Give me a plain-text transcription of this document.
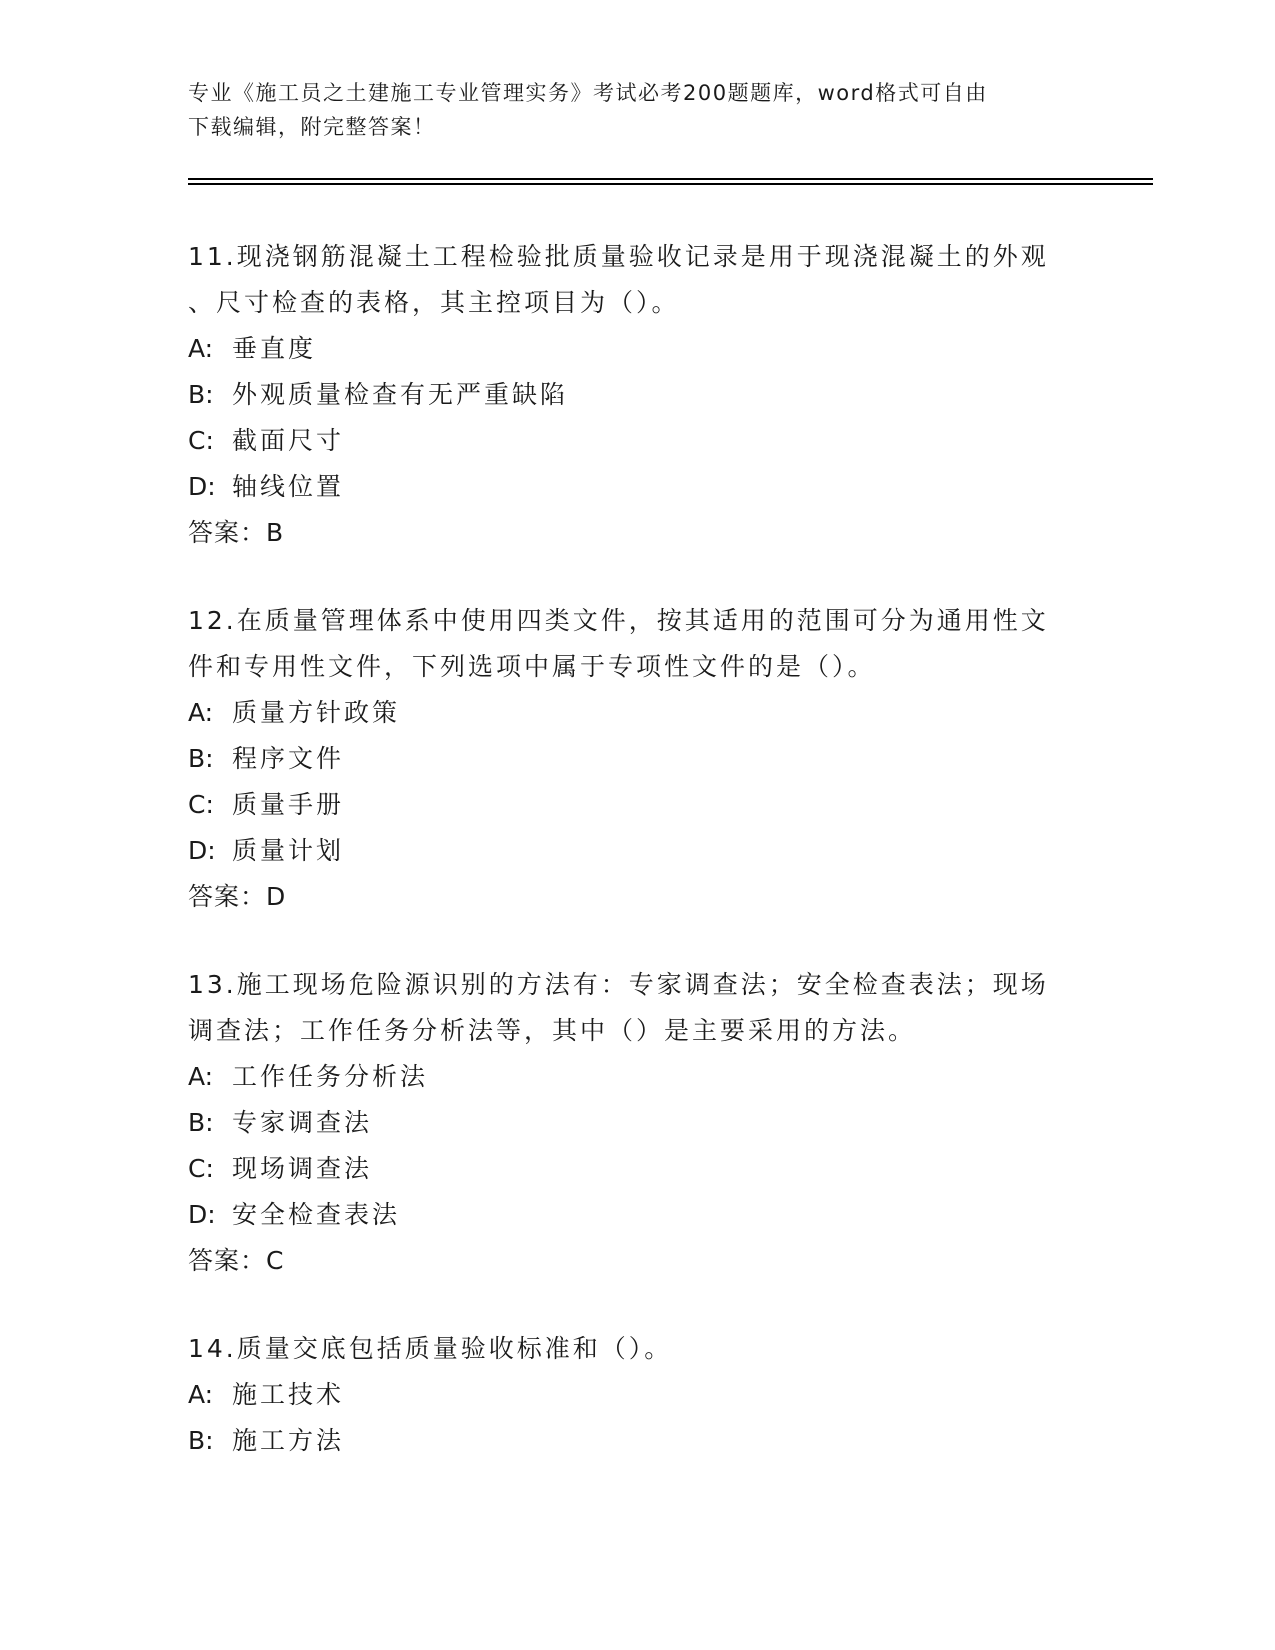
专业《施工员之土建施工专业管理实务》考试必考200题题库，word格式可自由
下载编辑，附完整答案！

11.现浇钢筋混凝土工程检验批质量验收记录是用于现浇混凝土的外观

、尺寸检查的表格，其主控项目为（）。

A: 垂直度

B: 外观质量检查有无严重缺陷

C: 截面尺寸

D: 轴线位置

答案：B

12.在质量管理体系中使用四类文件，按其适用的范围可分为通用性文

件和专用性文件，下列选项中属于专项性文件的是（）。

A: 质量方针政策

B: 程序文件

C: 质量手册

D: 质量计划

答案：D

13.施工现场危险源识别的方法有：专家调查法；安全检查表法；现场

调查法；工作任务分析法等，其中（）是主要采用的方法。

A: 工作任务分析法

B: 专家调查法

C: 现场调查法

D: 安全检查表法

答案：C

14.质量交底包括质量验收标准和（）。

A: 施工技术

B: 施工方法
